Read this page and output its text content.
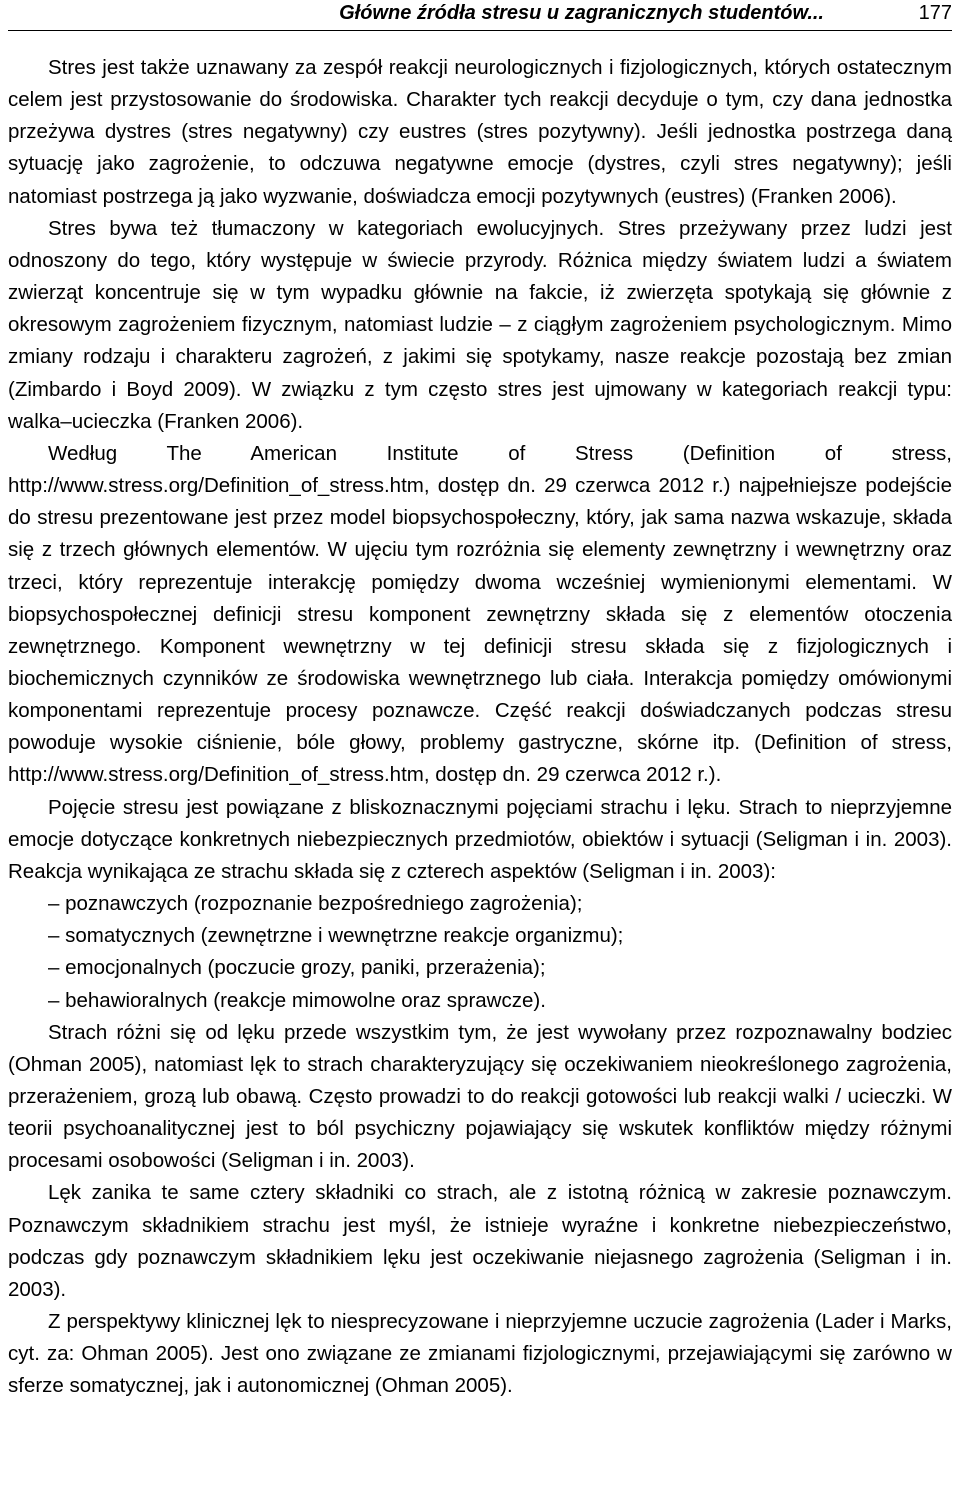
Główne źródła stresu u zagranicznych studentów...	177

Stres jest także uznawany za zespół reakcji neurologicznych i fizjologicznych, których ostatecznym celem jest przystosowanie do środowiska. Charakter tych reakcji decyduje o tym, czy dana jednostka przeżywa dystres (stres negatywny) czy eustres (stres pozytywny). Jeśli jednostka postrzega daną sytuację jako zagrożenie, to odczuwa negatywne emocje (dystres, czyli stres negatywny); jeśli natomiast postrzega ją jako wyzwanie, doświadcza emocji pozytywnych (eustres) (Franken 2006).

Stres bywa też tłumaczony w kategoriach ewolucyjnych. Stres przeżywany przez ludzi jest odnoszony do tego, który występuje w świecie przyrody. Różnica między światem ludzi a światem zwierząt koncentruje się w tym wypadku głównie na fakcie, iż zwierzęta spotykają się głównie z okresowym zagrożeniem fizycznym, natomiast ludzie – z ciągłym zagrożeniem psychologicznym. Mimo zmiany rodzaju i charakteru zagrożeń, z jakimi się spotykamy, nasze reakcje pozostają bez zmian (Zimbardo i Boyd 2009). W związku z tym często stres jest ujmowany w kategoriach reakcji typu: walka–ucieczka (Franken 2006).

Według The American Institute of Stress (Definition of stress, http://www.stress.org/Definition_of_stress.htm, dostęp dn. 29 czerwca 2012 r.) najpełniejsze podejście do stresu prezentowane jest przez model biopsychospołeczny, który, jak sama nazwa wskazuje, składa się z trzech głównych elementów. W ujęciu tym rozróżnia się elementy zewnętrzny i wewnętrzny oraz trzeci, który reprezentuje interakcję pomiędzy dwoma wcześniej wymienionymi elementami. W biopsychospołecznej definicji stresu komponent zewnętrzny składa się z elementów otoczenia zewnętrznego. Komponent wewnętrzny w tej definicji stresu składa się z fizjologicznych i biochemicznych czynników ze środowiska wewnętrznego lub ciała. Interakcja pomiędzy omówionymi komponentami reprezentuje procesy poznawcze. Część reakcji doświadczanych podczas stresu powoduje wysokie ciśnienie, bóle głowy, problemy gastryczne, skórne itp. (Definition of stress, http://www.stress.org/Definition_of_stress.htm, dostęp dn. 29 czerwca 2012 r.).

Pojęcie stresu jest powiązane z bliskoznacznymi pojęciami strachu i lęku. Strach to nieprzyjemne emocje dotyczące konkretnych niebezpiecznych przedmiotów, obiektów i sytuacji (Seligman i in. 2003). Reakcja wynikająca ze strachu składa się z czterech aspektów (Seligman i in. 2003):

– poznawczych (rozpoznanie bezpośredniego zagrożenia);
– somatycznych (zewnętrzne i wewnętrzne reakcje organizmu);
– emocjonalnych (poczucie grozy, paniki, przerażenia);
– behawioralnych (reakcje mimowolne oraz sprawcze).

Strach różni się od lęku przede wszystkim tym, że jest wywołany przez rozpoznawalny bodziec (Ohman 2005), natomiast lęk to strach charakteryzujący się oczekiwaniem nieokreślonego zagrożenia, przerażeniem, grozą lub obawą. Często prowadzi to do reakcji gotowości lub reakcji walki / ucieczki. W teorii psychoanalitycznej jest to ból psychiczny pojawiający się wskutek konfliktów między różnymi procesami osobowości (Seligman i in. 2003).

Lęk zanika te same cztery składniki co strach, ale z istotną różnicą w zakresie poznawczym. Poznawczym składnikiem strachu jest myśl, że istnieje wyraźne i konkretne niebezpieczeństwo, podczas gdy poznawczym składnikiem lęku jest oczekiwanie niejasnego zagrożenia (Seligman i in. 2003).

Z perspektywy klinicznej lęk to niesprecyzowane i nieprzyjemne uczucie zagrożenia (Lader i Marks, cyt. za: Ohman 2005). Jest ono związane ze zmianami fizjologicznymi, przejawiającymi się zarówno w sferze somatycznej, jak i autonomicznej (Ohman 2005).
